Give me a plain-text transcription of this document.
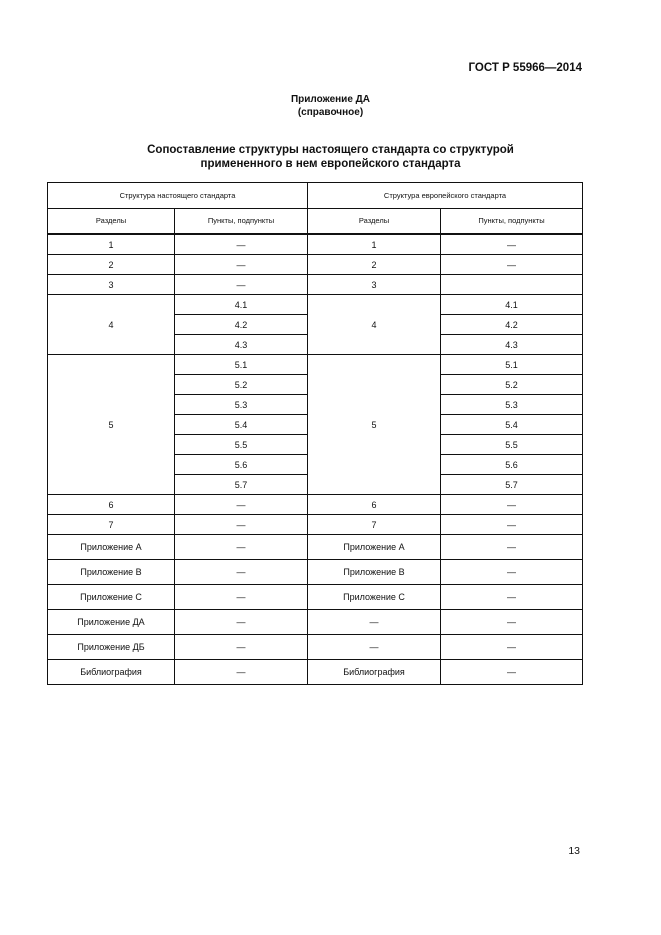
ГОСТ Р 55966—2014
Приложение ДА
(справочное)
Сопоставление структуры настоящего стандарта со структурой
примененного в нем европейского стандарта
Структура настоящего стандарта		Структура европейского стандарта	
Разделы	Пункты, подпункты	Разделы	Пункты, подпункты
1	—	1	—
2	—	2	—
3	—	3	
4	4.1	4	4.1
	4.2		4.2
	4.3		4.3
5	5.1	5	5.1
	5.2		5.2
	5.3		5.3
	5.4		5.4
	5.5		5.5
	5.6		5.6
	5.7		5.7
6	—	6	—
7	—	7	—
Приложение А	—	Приложение А	—
Приложение В	—	Приложение В	—
Приложение С	—	Приложение С	—
Приложение ДА	—	—	—
Приложение ДБ	—	—	—
Библиография	—	Библиография	—
13
